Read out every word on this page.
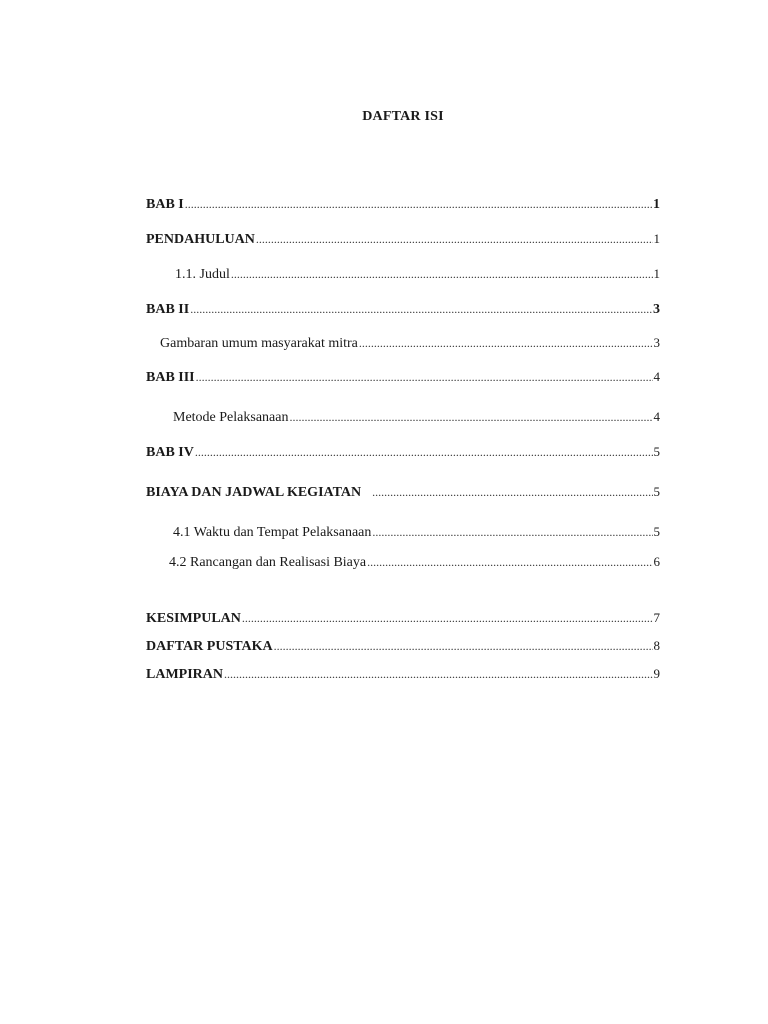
DAFTAR ISI
BAB I .....	1
PENDAHULUAN .....	1
1.1. Judul .....	1
BAB II .....	3
Gambaran umum masyarakat mitra .....	3
BAB III .....	4
Metode Pelaksanaan .....	4
BAB IV .....	5
BIAYA DAN JADWAL KEGIATAN .....	5
4.1 Waktu dan Tempat Pelaksanaan .....	5
4.2 Rancangan dan Realisasi Biaya .....	6
KESIMPULAN .....	7
DAFTAR PUSTAKA .....	8
LAMPIRAN .....	9
